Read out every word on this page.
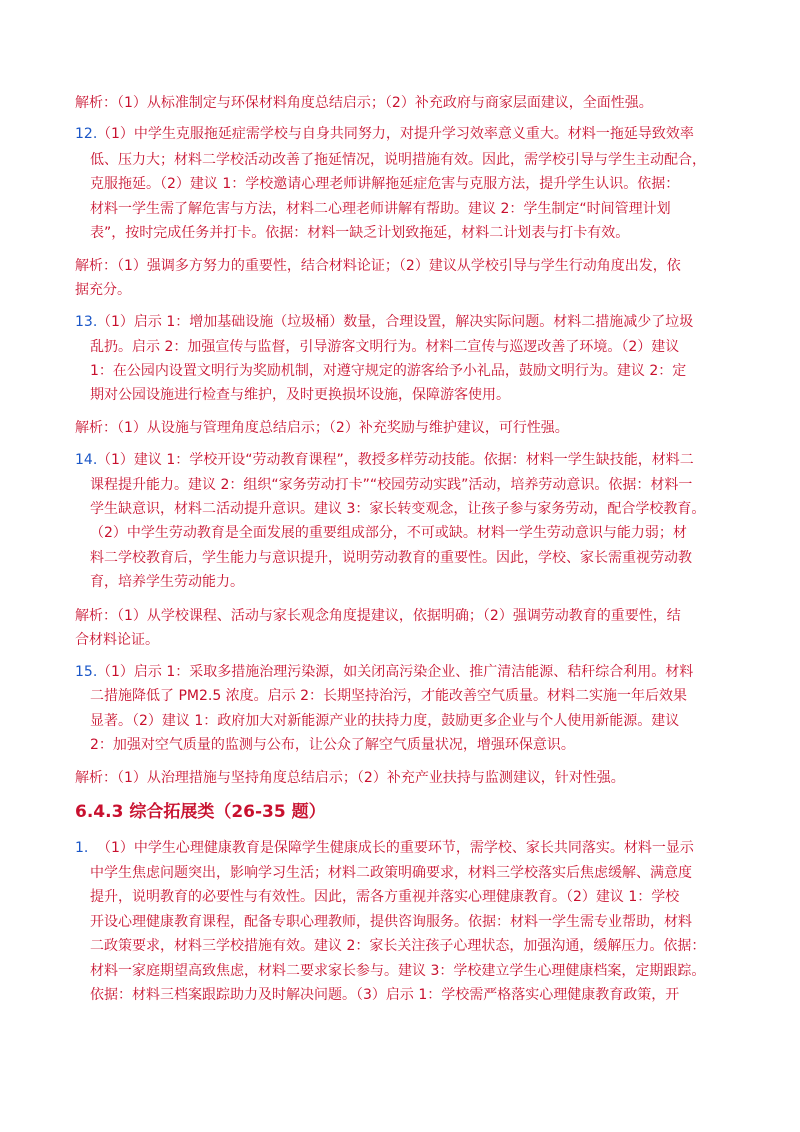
解析：（1）从标准制定与环保材料角度总结启示；（2）补充政府与商家层面建议，全面性强。
12. （1）中学生克服拖延症需学校与自身共同努力，对提升学习效率意义重大。材料一拖延导致效率
低、压力大；材料二学校活动改善了拖延情况，说明措施有效。因此，需学校引导与学生主动配合，
克服拖延。（2）建议 1：学校邀请心理老师讲解拖延症危害与克服方法，提升学生认识。依据：
材料一学生需了解危害与方法，材料二心理老师讲解有帮助。建议 2：学生制定“时间管理计划
表”，按时完成任务并打卡。依据：材料一缺乏计划致拖延，材料二计划表与打卡有效。
解析：（1）强调多方努力的重要性，结合材料论证；（2）建议从学校引导与学生行动角度出发，依
据充分。
13. （1）启示 1：增加基础设施（垃圾桶）数量，合理设置，解决实际问题。材料二措施减少了垃圾
乱扔。启示 2：加强宣传与监督，引导游客文明行为。材料二宣传与巡逻改善了环境。（2）建议
1：在公园内设置文明行为奖励机制，对遵守规定的游客给予小礼品，鼓励文明行为。建议 2：定
期对公园设施进行检查与维护，及时更换损坏设施，保障游客使用。
解析：（1）从设施与管理角度总结启示；（2）补充奖励与维护建议，可行性强。
14. （1）建议 1：学校开设“劳动教育课程”，教授多样劳动技能。依据：材料一学生缺技能，材料二
课程提升能力。建议 2：组织“家务劳动打卡”“校园劳动实践”活动，培养劳动意识。依据：材料一
学生缺意识，材料二活动提升意识。建议 3：家长转变观念，让孩子参与家务劳动，配合学校教育。
（2）中学生劳动教育是全面发展的重要组成部分，不可或缺。材料一学生劳动意识与能力弱；材
料二学校教育后，学生能力与意识提升，说明劳动教育的重要性。因此，学校、家长需重视劳动教
育，培养学生劳动能力。
解析：（1）从学校课程、活动与家长观念角度提建议，依据明确；（2）强调劳动教育的重要性，结
合材料论证。
15. （1）启示 1：采取多措施治理污染源，如关闭高污染企业、推广清洁能源、秸秆综合利用。材料
二措施降低了 PM2.5 浓度。启示 2：长期坚持治污，才能改善空气质量。材料二实施一年后效果
显著。（2）建议 1：政府加大对新能源产业的扶持力度，鼓励更多企业与个人使用新能源。建议
2：加强对空气质量的监测与公布，让公众了解空气质量状况，增强环保意识。
解析：（1）从治理措施与坚持角度总结启示；（2）补充产业扶持与监测建议，针对性强。
6.4.3 综合拓展类（26-35 题）
1. （1）中学生心理健康教育是保障学生健康成长的重要环节，需学校、家长共同落实。材料一显示
中学生焦虑问题突出，影响学习生活；材料二政策明确要求，材料三学校落实后焦虑缓解、满意度
提升，说明教育的必要性与有效性。因此，需各方重视并落实心理健康教育。（2）建议 1：学校
开设心理健康教育课程，配备专职心理教师，提供咨询服务。依据：材料一学生需专业帮助，材料
二政策要求，材料三学校措施有效。建议 2：家长关注孩子心理状态，加强沟通，缓解压力。依据：
材料一家庭期望高致焦虑，材料二要求家长参与。建议 3：学校建立学生心理健康档案，定期跟踪。
依据：材料三档案跟踪助力及时解决问题。（3）启示 1：学校需严格落实心理健康教育政策，开
